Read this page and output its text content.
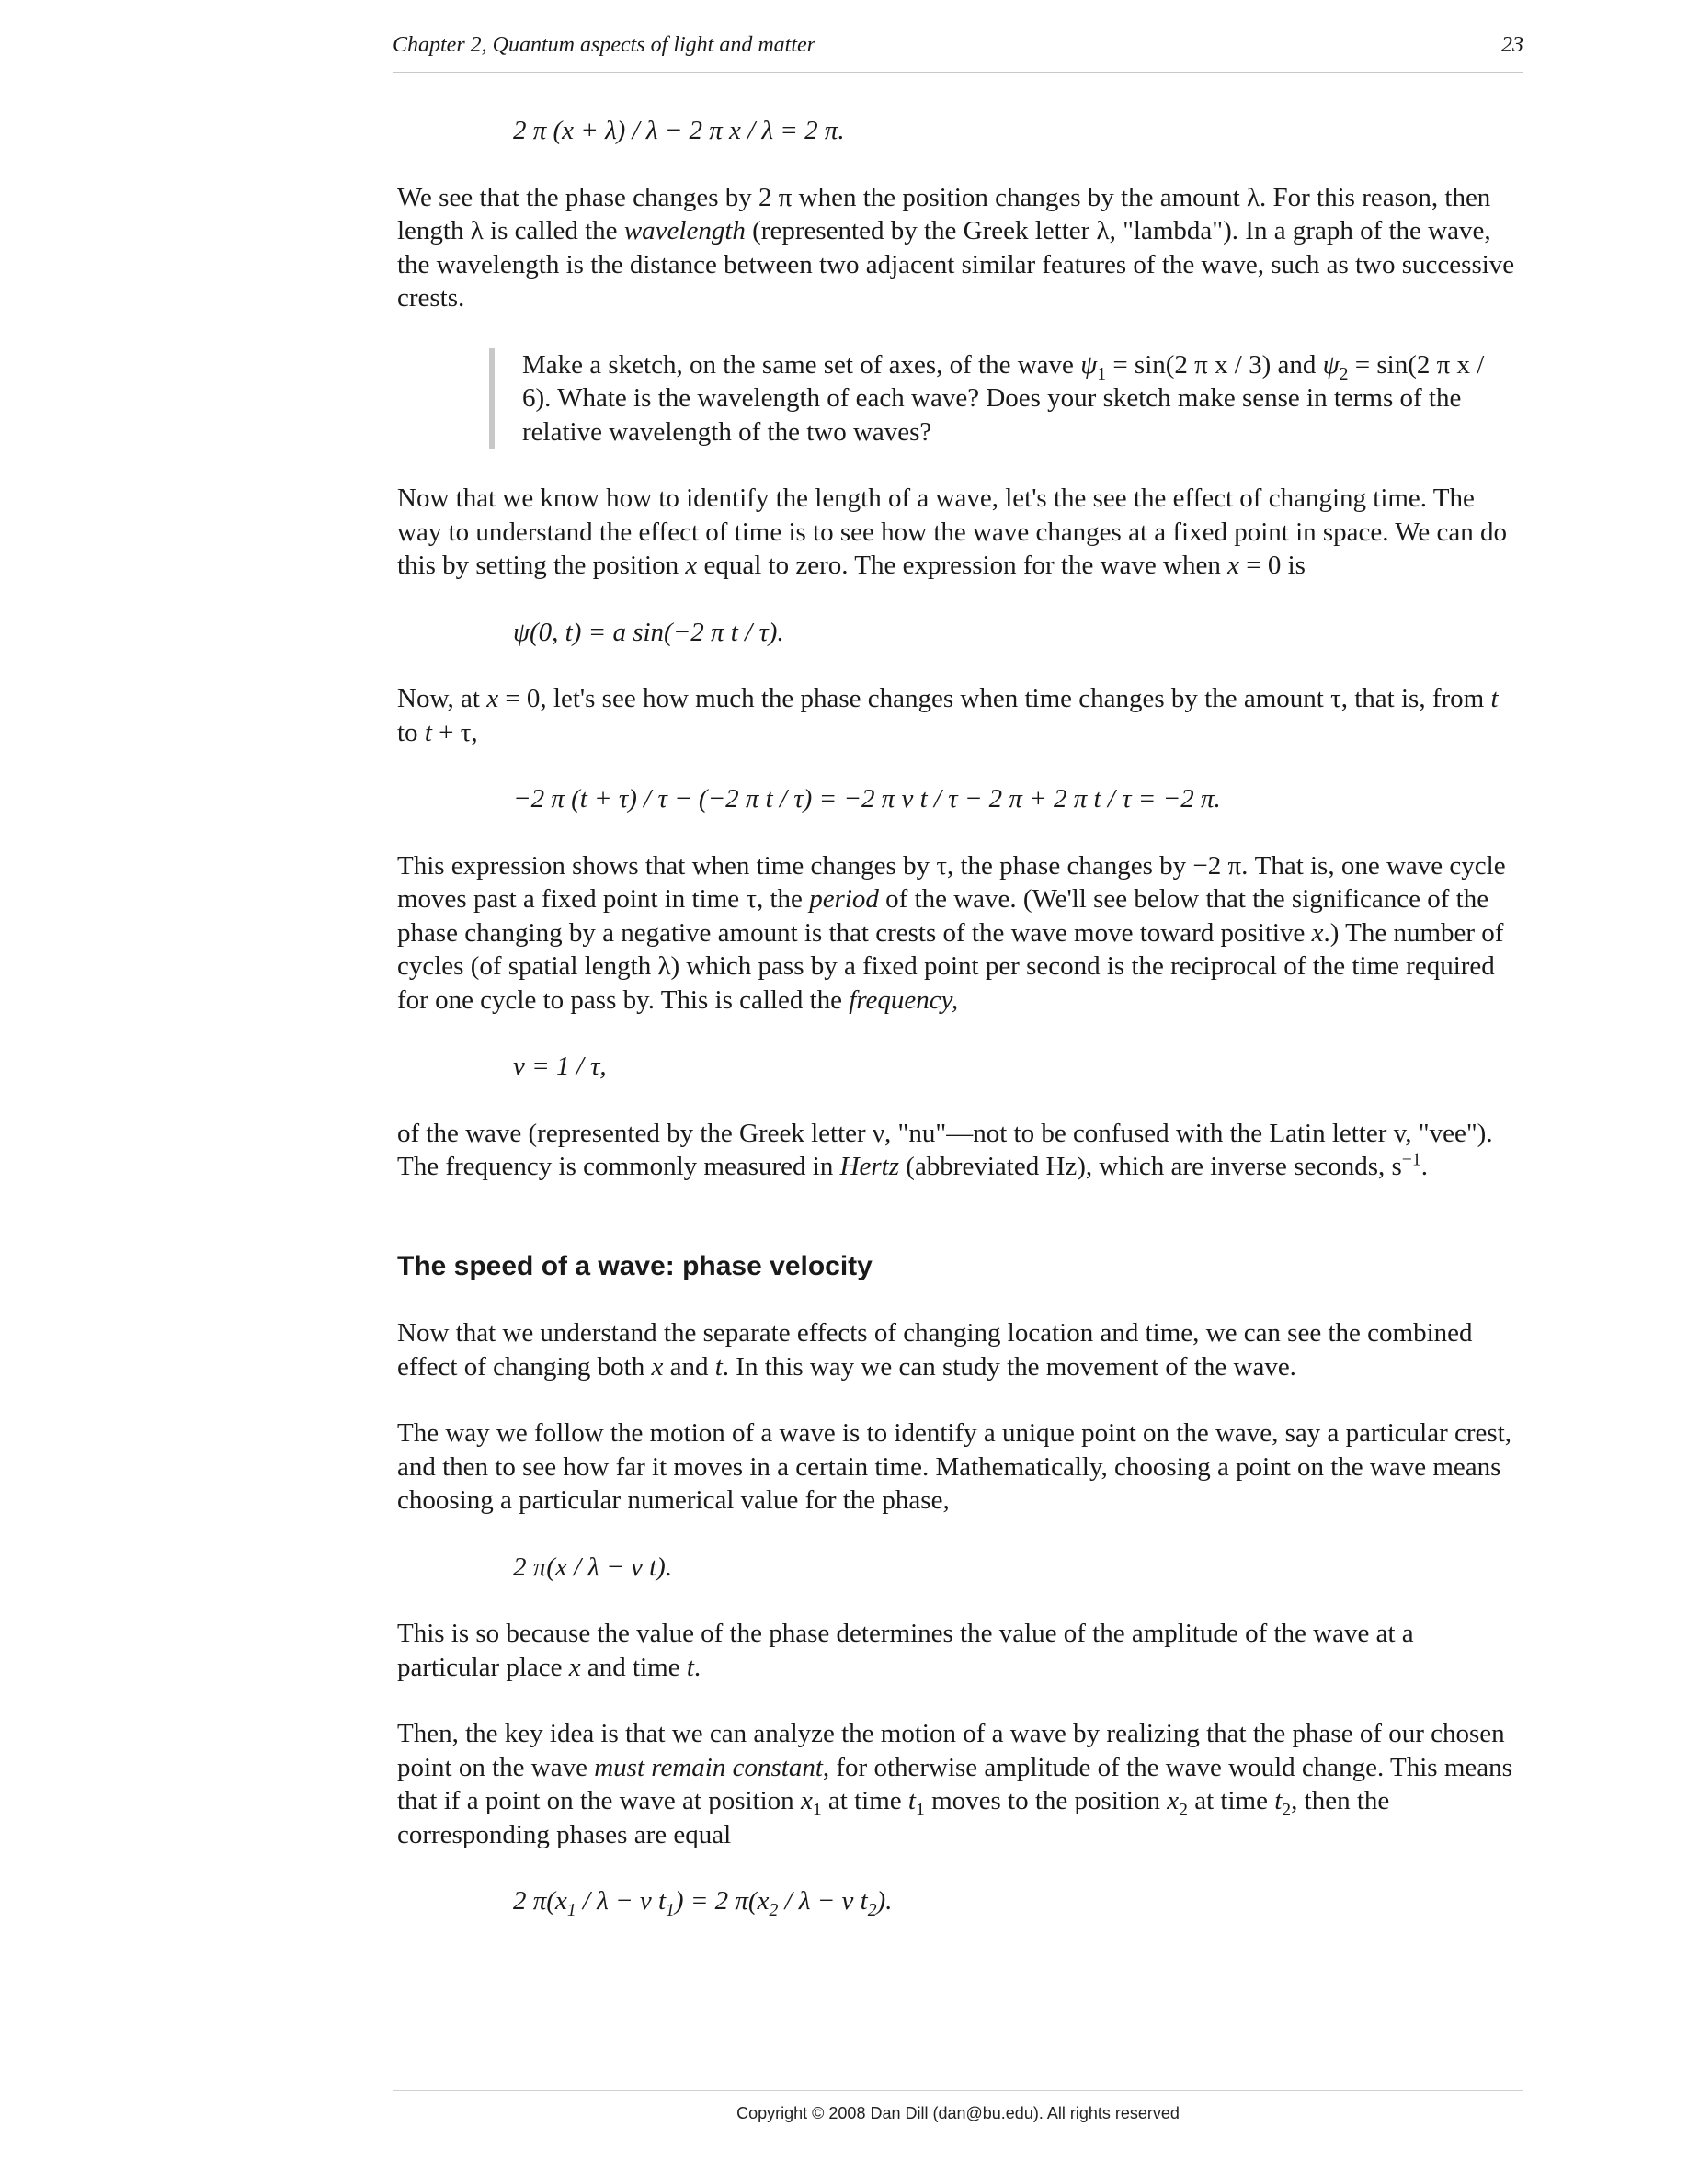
Chapter 2, Quantum aspects of light and matter	23
2 π (x + λ) / λ − 2 π x / λ = 2 π.

We see that the phase changes by 2 π when the position changes by the amount λ. For this reason, then length λ is called the wavelength (represented by the Greek letter λ, "lambda"). In a graph of the wave, the wavelength is the distance between two adjacent similar features of the wave, such as two successive crests.

Make a sketch, on the same set of axes, of the wave $\psi_1 = \sin(2$ π x / 3) and $\psi_2 = \sin(2$ π x / 6). Whate is the wavelength of each wave? Does your sketch make sense in terms of the relative wavelength of the two waves?

Now that we know how to identify the length of a wave, let's the see the effect of changing time. The way to understand the effect of time is to see how the wave changes at a fixed point in space. We can do this by setting the position x equal to zero. The expression for the wave when x = 0 is

ψ(0, t) = a sin(−2 π t / τ).

Now, at x = 0, let's see how much the phase changes when time changes by the amount τ, that is, from t to t + τ,

−2 π (t + τ) / τ − (−2 π t / τ) = −2 π ν t / τ − 2 π + 2 π t / τ = −2 π.

This expression shows that when time changes by τ, the phase changes by −2 π. That is, one wave cycle moves past a fixed point in time τ, the period of the wave. (We'll see below that the significance of the phase changing by a negative amount is that crests of the wave move toward positive x.) The number of cycles (of spatial length λ) which pass by a fixed point per second is the reciprocal of the time required for one cycle to pass by. This is called the frequency,

ν = 1 / τ,

of the wave (represented by the Greek letter ν, "nu"—not to be confused with the Latin letter v, "vee"). The frequency is commonly measured in Hertz (abbreviated Hz), which are inverse seconds, $s^{-1}$.

The speed of a wave: phase velocity

Now that we understand the separate effects of changing location and time, we can see the combined effect of changing both x and t. In this way we can study the movement of the wave.

The way we follow the motion of a wave is to identify a unique point on the wave, say a particular crest, and then to see how far it moves in a certain time. Mathematically, choosing a point on the wave means choosing a particular numerical value for the phase,

2 π(x / λ − ν t).

This is so because the value of the phase determines the value of the amplitude of the wave at a particular place x and time t.

Then, the key idea is that we can analyze the motion of a wave by realizing that the phase of our chosen point on the wave must remain constant, for otherwise amplitude of the wave would change. This means that if a point on the wave at position $x_1$ at time $t_1$ moves to the position $x_2$ at time $t_2$, then the corresponding phases are equal

2 $\pi(x_1 / \lambda - \nu$ $t_1) = 2$ $\pi(x_2 / \lambda - \nu$ $t_2$).
Copyright © 2008 Dan Dill (dan@bu.edu). All rights reserved
